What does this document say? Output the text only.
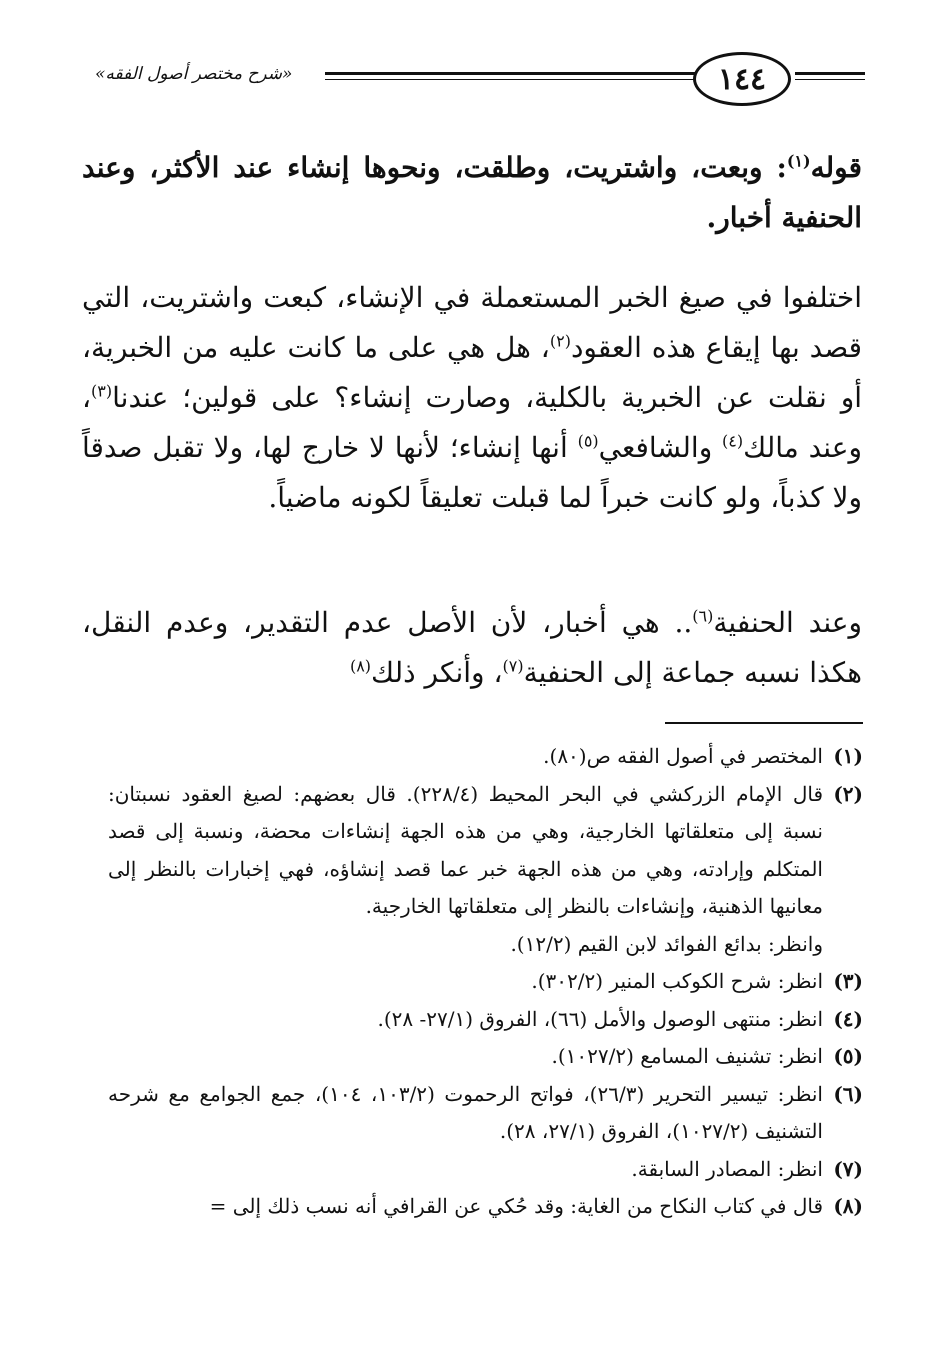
١٤٤
«شرح مختصر أصول الفقه»

قوله$^{(١)}$: وبعت، واشتريت، وطلقت، ونحوها إنشاء عند الأكثر، وعند الحنفية أخبار.

اختلفوا في صيغ الخبر المستعملة في الإنشاء، كبعت واشتريت، التي قصد بها إيقاع هذه العقود$^{(٢)}$، هل هي على ما كانت عليه من الخبرية، أو نقلت عن الخبرية بالكلية، وصارت إنشاء؟ على قولين؛ عندنا$^{(٣)}$، وعند مالك$^{(٤)}$ والشافعي$^{(٥)}$ أنها إنشاء؛ لأنها لا خارج لها، ولا تقبل صدقاً ولا كذباً، ولو كانت خبراً لما قبلت تعليقاً لكونه ماضياً.

وعند الحنفية$^{(٦)}$.. هي أخبار، لأن الأصل عدم التقدير، وعدم النقل، هكذا نسبه جماعة إلى الحنفية$^{(٧)}$، وأنكر ذلك$^{(٨)}$

(١)
المختصر في أصول الفقه ص(٨٠).
(٢)
قال الإمام الزركشي في البحر المحيط (٢٢٨/٤). قال بعضهم: لصيغ العقود نسبتان: نسبة إلى متعلقاتها الخارجية، وهي من هذه الجهة إنشاءات محضة، ونسبة إلى قصد المتكلم وإرادته، وهي من هذه الجهة خبر عما قصد إنشاؤه، فهي إخبارات بالنظر إلى معانيها الذهنية، وإنشاءات بالنظر إلى متعلقاتها الخارجية.
وانظر: بدائع الفوائد لابن القيم (١٢/٢).
(٣)
انظر: شرح الكوكب المنير (٣٠٢/٢).
(٤)
انظر: منتهى الوصول والأمل (٦٦)، الفروق (٢٧/١- ٢٨).
(٥)
انظر: تشنيف المسامع (١٠٢٧/٢).
(٦)
انظر: تيسير التحرير (٢٦/٣)، فواتح الرحموت (١٠٣/٢، ١٠٤)، جمع الجوامع مع شرحه التشنيف (١٠٢٧/٢)، الفروق (٢٧/١، ٢٨).
(٧)
انظر: المصادر السابقة.
(٨)
قال في كتاب النكاح من الغاية: وقد حُكي عن القرافي أنه نسب ذلك إلى =
